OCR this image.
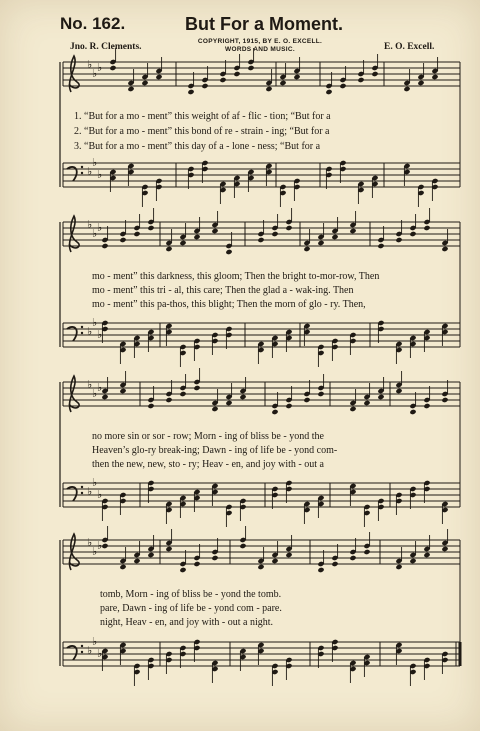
No. 162.	But For a Moment.
COPYRIGHT, 1915, BY E. O. EXCELL.
WORDS AND MUSIC.
Jno. R. Clements.	E. O. Excell.
♭
♭ ♭
♭
♭
♭
♭
♭ ♭
♭
♭
♭
♭
♭ ♭
♭
♭
♭
♭
♭ ♭
♭
♭
♭
1. “But for a mo - ment” this weight of af - flic - tion; “But for a
2. “But for a mo - ment” this bond of re - strain - ing; “But for a
3. “But for a mo - ment” this day of a - lone - ness; “But for a
mo - ment” this darkness, this gloom; Then the bright to-mor-row, Then
mo - ment” this tri - al, this care; Then the glad a - wak-ing. Then
mo - ment” this pa-thos, this blight; Then the morn of glo - ry. Then,
no more sin or sor - row; Morn - ing of bliss be - yond the
Heaven’s glo-ry break-ing; Dawn - ing of life be - yond com-
then the new, new, sto - ry; Heav - en, and joy with - out a
tomb, Morn - ing of bliss be - yond the tomb.
pare, Dawn - ing of life be - yond com - pare.
night, Heav - en, and joy with - out a night.
